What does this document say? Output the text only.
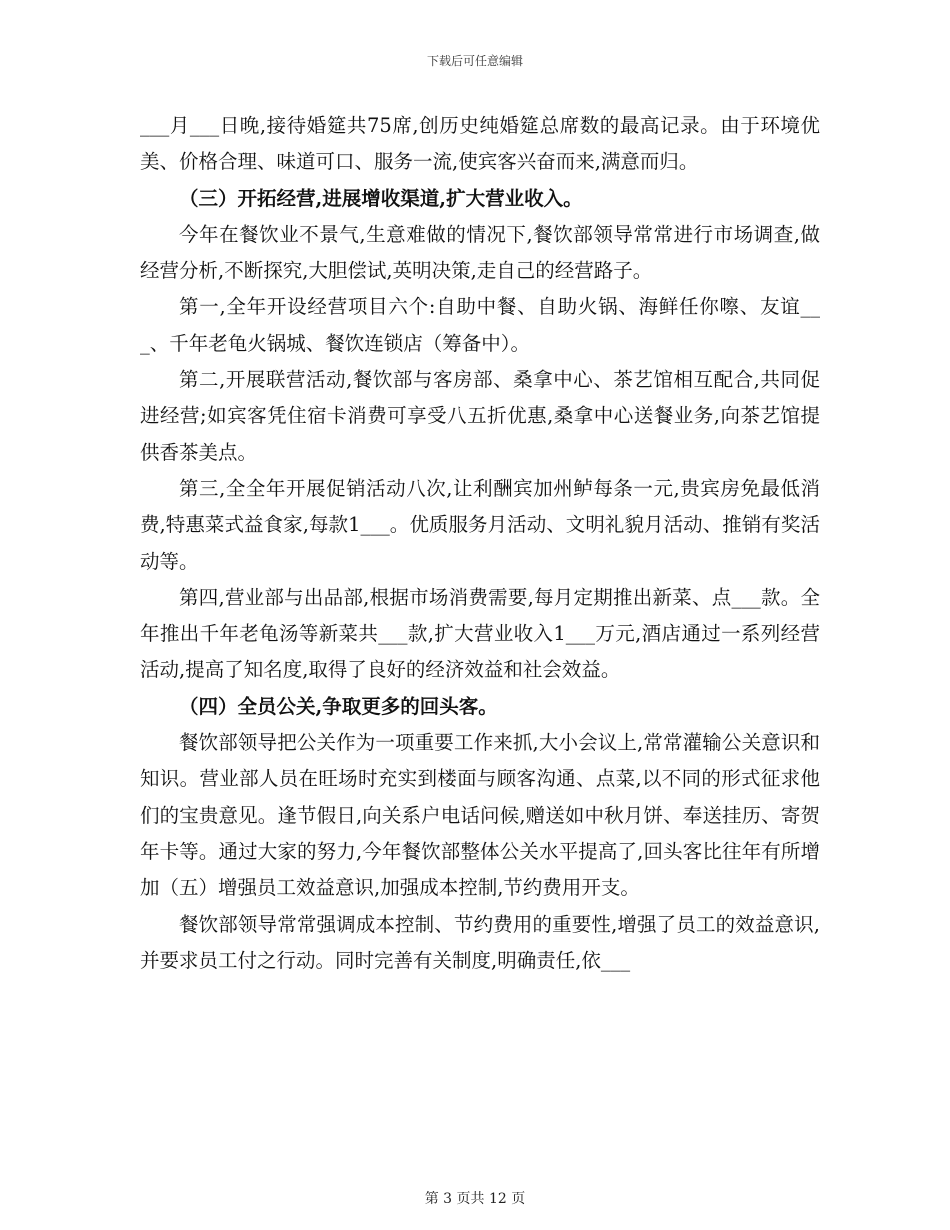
下载后可任意编辑

___月___日晚,接待婚筵共75席,创历史纯婚筵总席数的最高记录。由于环境优美、价格合理、味道可口、服务一流,使宾客兴奋而来,满意而归。

（三）开拓经营,进展增收渠道,扩大营业收入。

今年在餐饮业不景气,生意难做的情况下,餐饮部领导常常进行市场调查,做经营分析,不断探究,大胆偿试,英明决策,走自己的经营路子。

第一,全年开设经营项目六个:自助中餐、自助火锅、海鲜任你嚓、友谊___、千年老龟火锅城、餐饮连锁店（筹备中）。

第二,开展联营活动,餐饮部与客房部、桑拿中心、茶艺馆相互配合,共同促进经营;如宾客凭住宿卡消费可享受八五折优惠,桑拿中心送餐业务,向茶艺馆提供香茶美点。

第三,全全年开展促销活动八次,让利酬宾加州鲈每条一元,贵宾房免最低消费,特惠菜式益食家,每款1___。优质服务月活动、文明礼貌月活动、推销有奖活动等。

第四,营业部与出品部,根据市场消费需要,每月定期推出新菜、点___款。全年推出千年老龟汤等新菜共___款,扩大营业收入1___万元,酒店通过一系列经营活动,提高了知名度,取得了良好的经济效益和社会效益。

（四）全员公关,争取更多的回头客。

餐饮部领导把公关作为一项重要工作来抓,大小会议上,常常灌输公关意识和知识。营业部人员在旺场时充实到楼面与顾客沟通、点菜,以不同的形式征求他们的宝贵意见。逢节假日,向关系户电话问候,赠送如中秋月饼、奉送挂历、寄贺年卡等。通过大家的努力,今年餐饮部整体公关水平提高了,回头客比往年有所增加（五）增强员工效益意识,加强成本控制,节约费用开支。

餐饮部领导常常强调成本控制、节约费用的重要性,增强了员工的效益意识,并要求员工付之行动。同时完善有关制度,明确责任,依___

第 3 页共 12 页
